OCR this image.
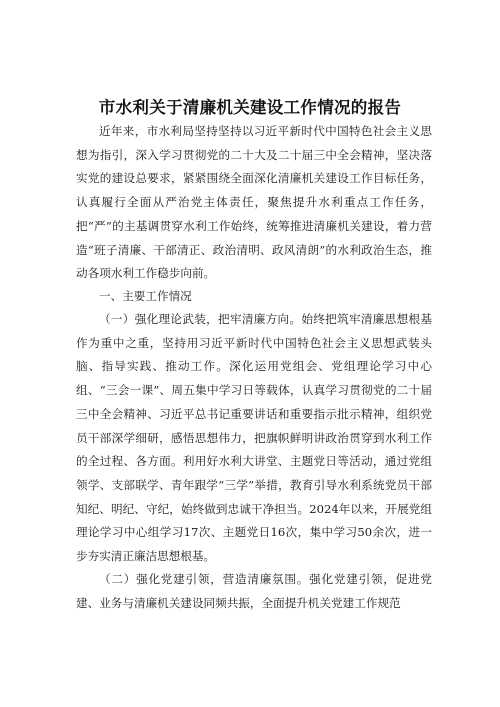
市水利关于清廉机关建设工作情况的报告

近年来，市水利局坚持坚持以习近平新时代中国特色社会主义思想为指引，深入学习贯彻党的二十大及二十届三中全会精神，坚决落实党的建设总要求，紧紧围绕全面深化清廉机关建设工作目标任务，认真履行全面从严治党主体责任，聚焦提升水利重点工作任务，把“严”的主基调贯穿水利工作始终，统筹推进清廉机关建设，着力营造“班子清廉、干部清正、政治清明、政风清朗”的水利政治生态，推动各项水利工作稳步向前。

一、主要工作情况

（一）强化理论武装，把牢清廉方向。始终把筑牢清廉思想根基作为重中之重，坚持用习近平新时代中国特色社会主义思想武装头脑、指导实践、推动工作。深化运用党组会、党组理论学习中心组、“三会一课”、周五集中学习日等载体，认真学习贯彻党的二十届三中全会精神、习近平总书记重要讲话和重要指示批示精神，组织党员干部深学细研，感悟思想伟力，把旗帜鲜明讲政治贯穿到水利工作的全过程、各方面。利用好水利大讲堂、主题党日等活动，通过党组领学、支部联学、青年跟学“三学”举措，教育引导水利系统党员干部知纪、明纪、守纪，始终做到忠诚干净担当。2024年以来，开展党组理论学习中心组学习17次、主题党日16次，集中学习50余次，进一步夯实清正廉洁思想根基。

（二）强化党建引领，营造清廉氛围。强化党建引领，促进党建、业务与清廉机关建设同频共振，全面提升机关党建工作规范
